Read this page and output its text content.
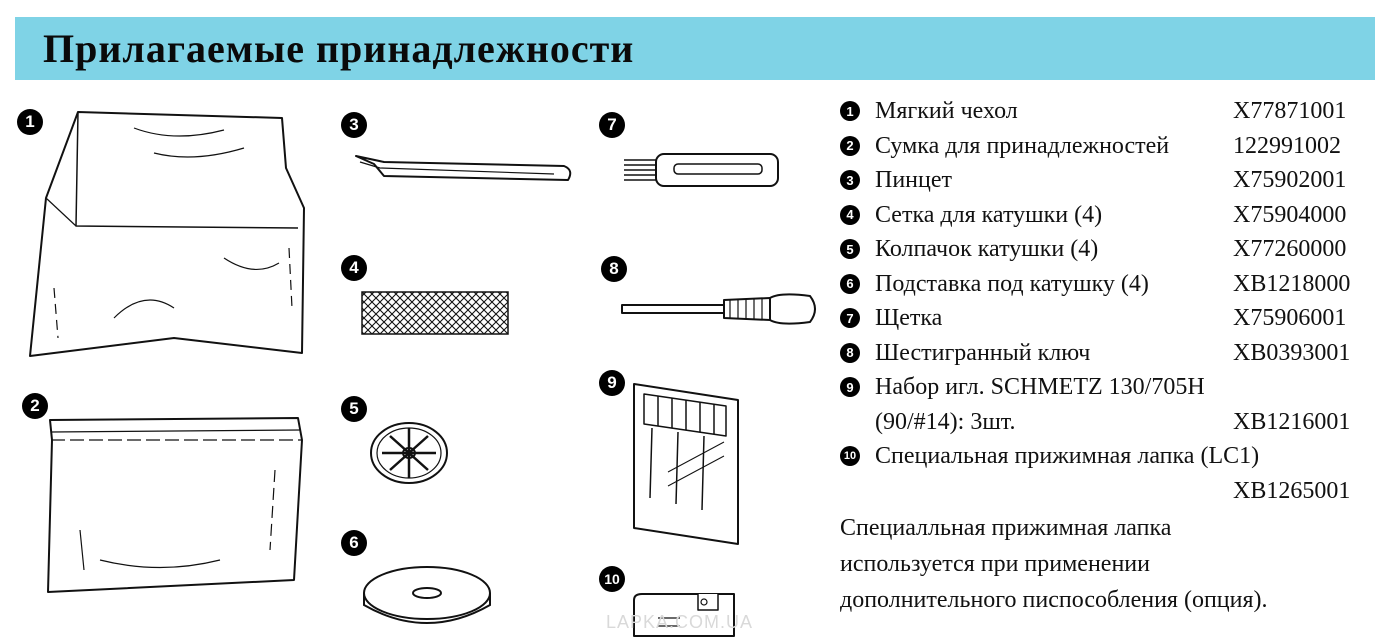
Прилагаемые принадлежности
1
2
3
4
5
6
7
8
9
10
1 Мягкий чехол	X77871001
2 Сумка для принадлежностей	122991002
3 Пинцет	X75902001
4 Сетка для катушки (4)	X75904000
5 Колпачок катушки (4)	X77260000
6 Подставка под катушку (4)	XB1218000
7 Щетка	X75906001
8 Шестигранный ключ	XB0393001
9 Набор игл. SCHMETZ 130/705H
(90/#14): 3шт.	XB1216001
10 Специальная прижимная лапка (LC1)
XB1265001
Специалльная прижимная лапка
используется при применении
дополнительного писпособления (опция).
LAPKA.COM.UA
